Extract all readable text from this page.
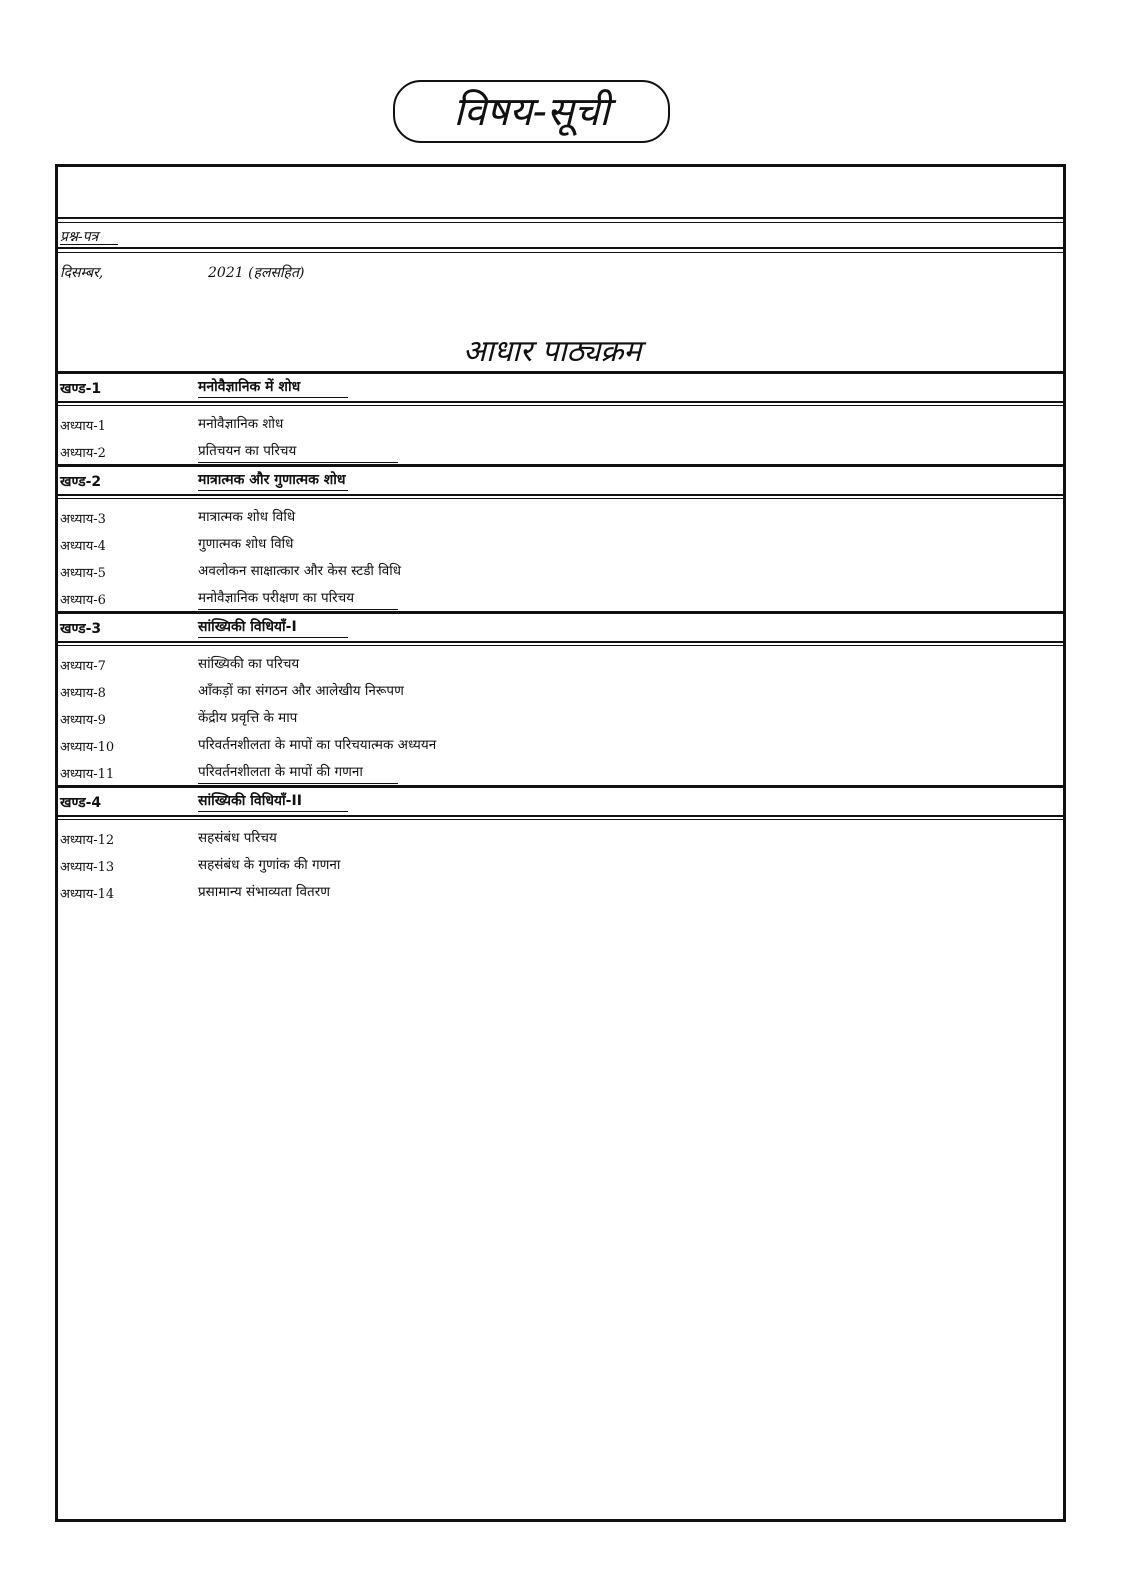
विषय-सूची
प्रश्न-पत्र
दिसम्बर,	2021 (हलसहित)
आधार पाठ्यक्रम
खण्ड-1	मनोवैज्ञानिक में शोध
अध्याय-1	मनोवैज्ञानिक शोध
अध्याय-2	प्रतिचयन का परिचय
खण्ड-2	मात्रात्मक और गुणात्मक शोध
अध्याय-3	मात्रात्मक शोध विधि
अध्याय-4	गुणात्मक शोध विधि
अध्याय-5	अवलोकन साक्षात्कार और केस स्टडी विधि
अध्याय-6	मनोवैज्ञानिक परीक्षण का परिचय
खण्ड-3	सांख्यिकी विधियाँ-I
अध्याय-7	सांख्यिकी का परिचय
अध्याय-8	आँकड़ों का संगठन और आलेखीय निरूपण
अध्याय-9	केंद्रीय प्रवृत्ति के माप
अध्याय-10	परिवर्तनशीलता के मापों का परिचयात्मक अध्ययन
अध्याय-11	परिवर्तनशीलता के मापों की गणना
खण्ड-4	सांख्यिकी विधियाँ-II
अध्याय-12	सहसंबंध परिचय
अध्याय-13	सहसंबंध के गुणांक की गणना
अध्याय-14	प्रसामान्य संभाव्यता वितरण
